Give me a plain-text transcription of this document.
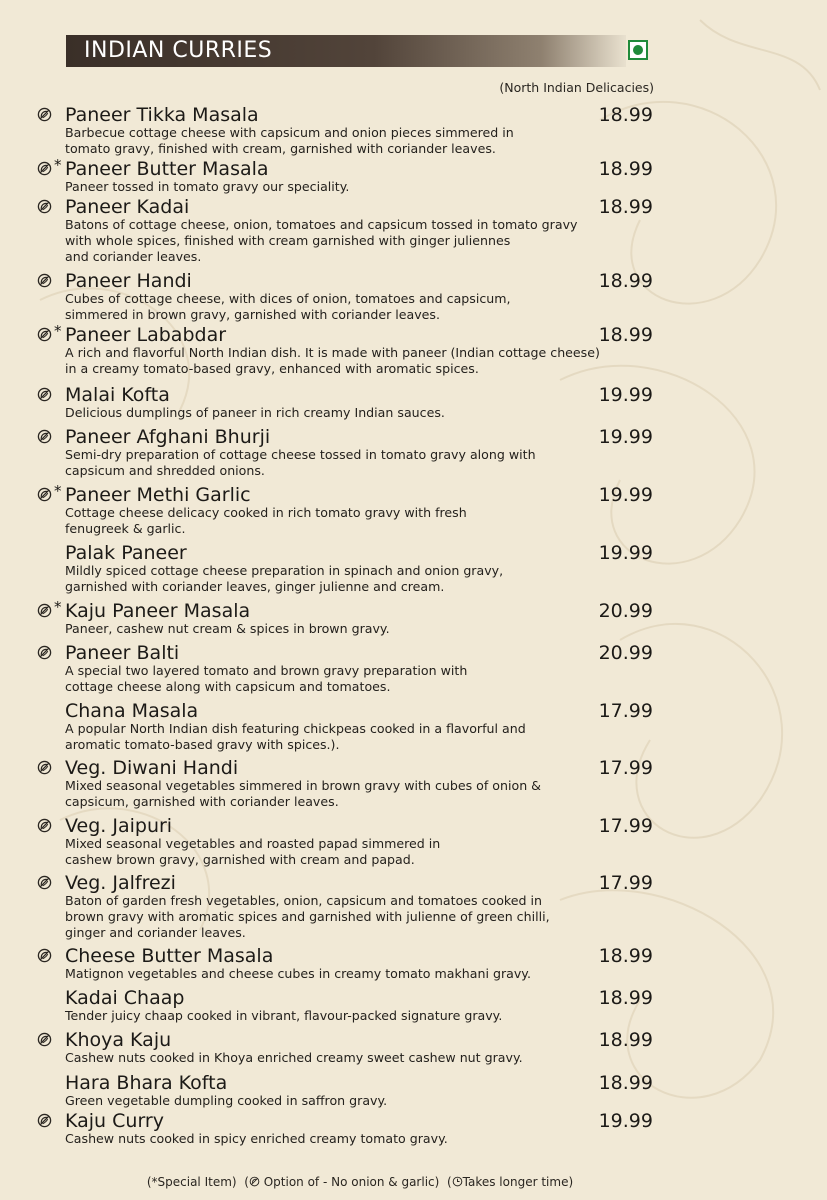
INDIAN CURRIES
(North Indian Delicacies)
Paneer Tikka Masala	18.99
Barbecue cottage cheese with capsicum and onion pieces simmered in
tomato gravy, finished with cream, garnished with coriander leaves.
* Paneer Butter Masala	18.99
Paneer tossed in tomato gravy our speciality.
Paneer Kadai	18.99
Batons of cottage cheese, onion, tomatoes and capsicum tossed in tomato gravy
with whole spices, finished with cream garnished with ginger juliennes
and coriander leaves.
Paneer Handi	18.99
Cubes of cottage cheese, with dices of onion, tomatoes and capsicum,
simmered in brown gravy, garnished with coriander leaves.
* Paneer Lababdar	18.99
A rich and flavorful North Indian dish. It is made with paneer (Indian cottage cheese)
in a creamy tomato-based gravy, enhanced with aromatic spices.
Malai Kofta	19.99
Delicious dumplings of paneer in rich creamy Indian sauces.
Paneer Afghani Bhurji	19.99
Semi-dry preparation of cottage cheese tossed in tomato gravy along with
capsicum and shredded onions.
* Paneer Methi Garlic	19.99
Cottage cheese delicacy cooked in rich tomato gravy with fresh
fenugreek & garlic.
Palak Paneer	19.99
Mildly spiced cottage cheese preparation in spinach and onion gravy,
garnished with coriander leaves, ginger julienne and cream.
* Kaju Paneer Masala	20.99
Paneer, cashew nut cream & spices in brown gravy.
Paneer Balti	20.99
A special two layered tomato and brown gravy preparation with
cottage cheese along with capsicum and tomatoes.
Chana Masala	17.99
A popular North Indian dish featuring chickpeas cooked in a flavorful and
aromatic tomato-based gravy with spices.).
Veg. Diwani Handi	17.99
Mixed seasonal vegetables simmered in brown gravy with cubes of onion &
capsicum, garnished with coriander leaves.
Veg. Jaipuri	17.99
Mixed seasonal vegetables and roasted papad simmered in
cashew brown gravy, garnished with cream and papad.
Veg. Jalfrezi	17.99
Baton of garden fresh vegetables, onion, capsicum and tomatoes cooked in
brown gravy with aromatic spices and garnished with julienne of green chilli,
ginger and coriander leaves.
Cheese Butter Masala	18.99
Matignon vegetables and cheese cubes in creamy tomato makhani gravy.
Kadai Chaap	18.99
Tender juicy chaap cooked in vibrant, flavour-packed signature gravy.
Khoya Kaju	18.99
Cashew nuts cooked in Khoya enriched creamy sweet cashew nut gravy.
Hara Bhara Kofta	18.99
Green vegetable dumpling cooked in saffron gravy.
Kaju Curry	19.99
Cashew nuts cooked in spicy enriched creamy tomato gravy.
(*Special Item) ( Option of - No onion & garlic) ( Takes longer time)
